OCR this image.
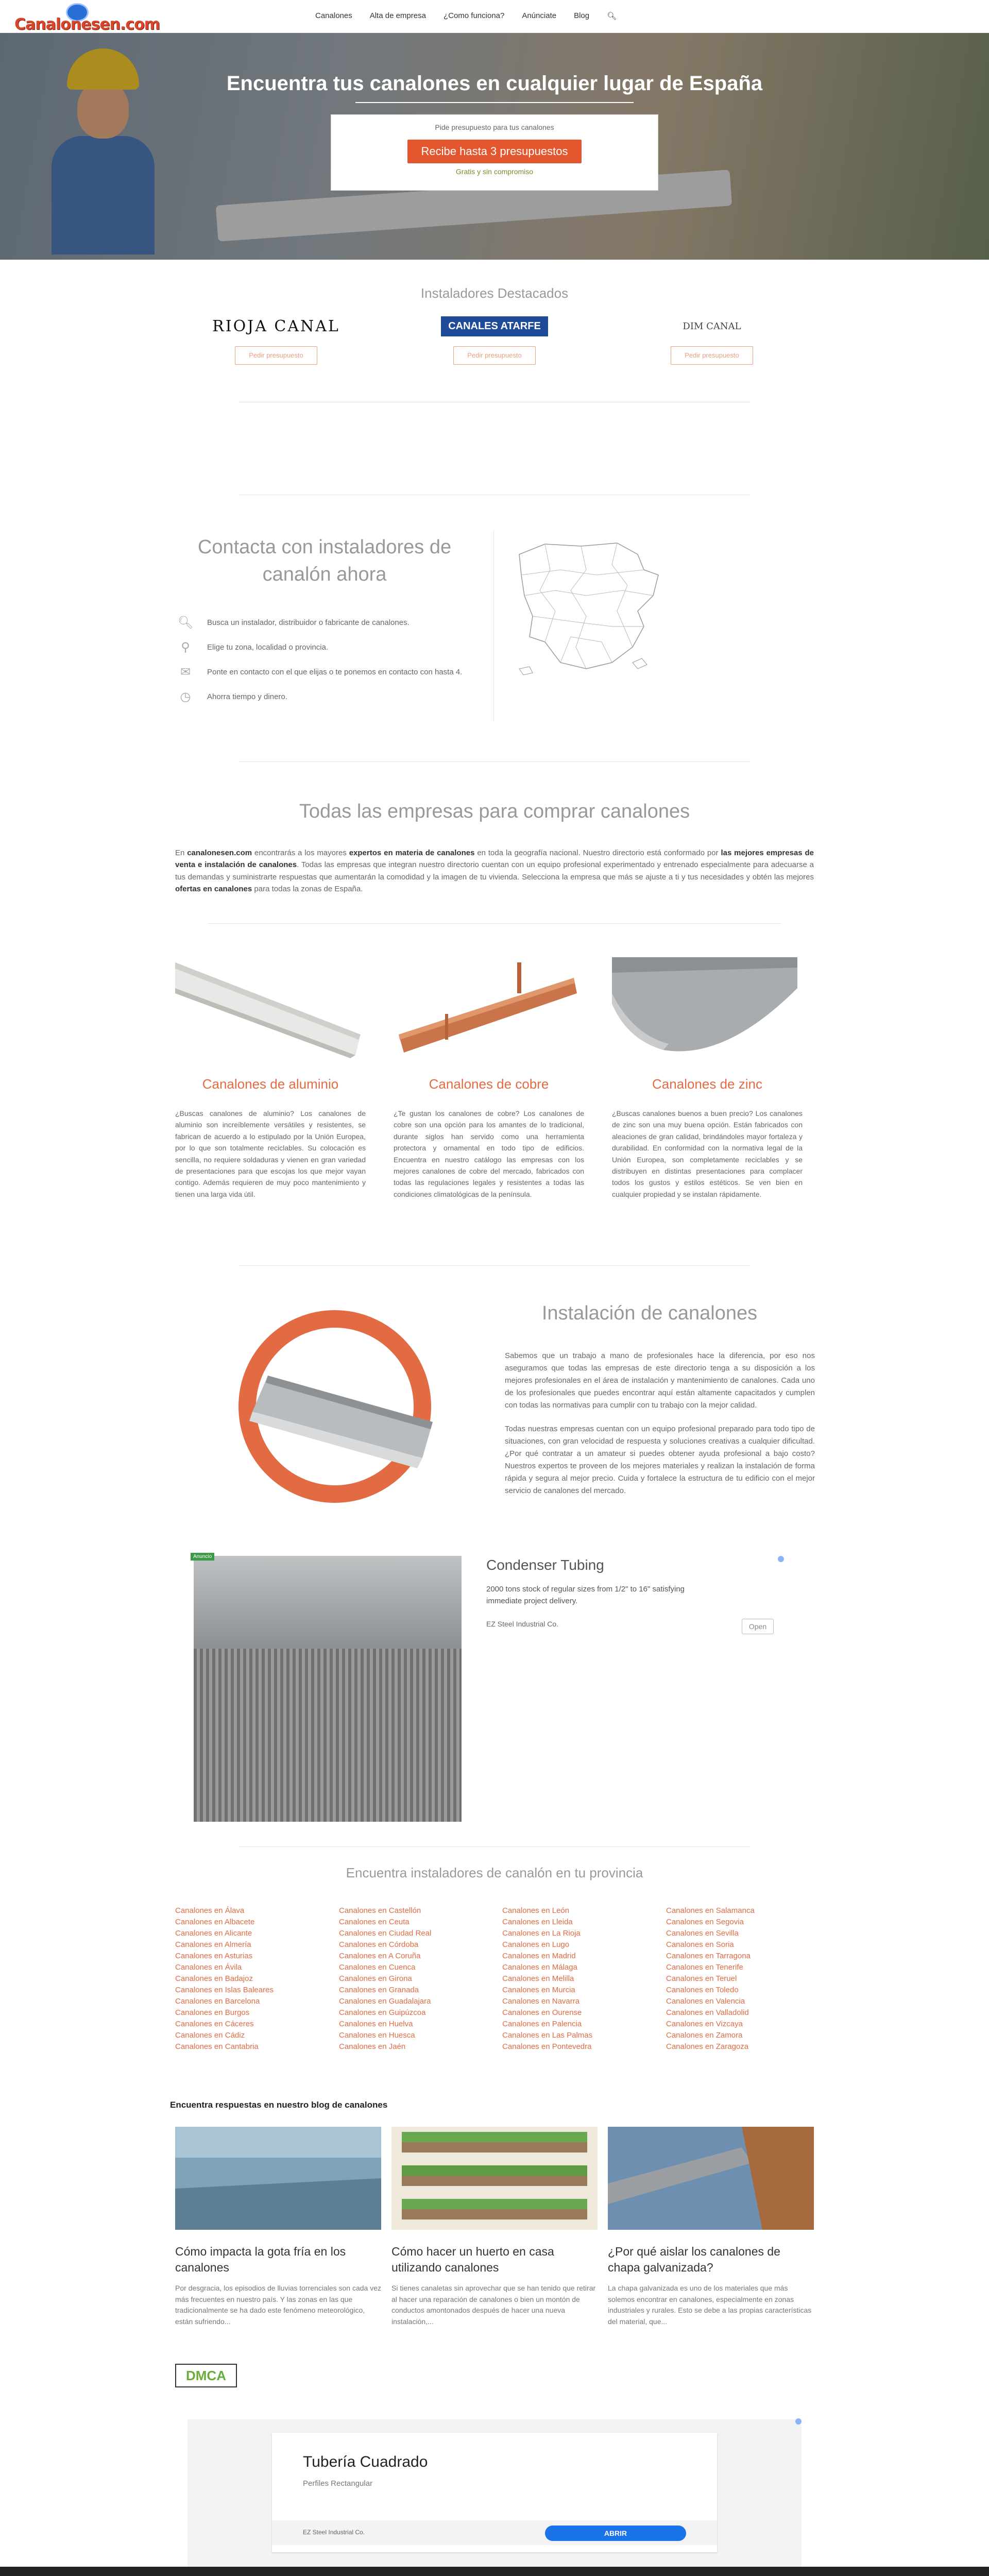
Canalonesen.com	Canalones Alta de empresa ¿Como funciona? Anúnciate Blog 🔍︎
Encuentra tus canalones en cualquier lugar de España
Pide presupuesto para tus canalones
Recibe hasta 3 presupuestos
Gratis y sin compromiso
Instaladores Destacados
RIOJA CANAL
Pedir presupuesto
CANALES ATARFE
Pedir presupuesto
DIM CANAL
Pedir presupuesto
Contacta con instaladores de canalón ahora
🔍︎	Busca un instalador, distribuidor o fabricante de canalones.
⚲	Elige tu zona, localidad o provincia.
✉	Ponte en contacto con el que elijas o te ponemos en contacto con hasta 4.
◷	Ahorra tiempo y dinero.
Todas las empresas para comprar canalones
En canalonesen.com encontrarás a los mayores expertos en materia de canalones en toda la geografía nacional. Nuestro directorio está conformado por las mejores empresas de venta e instalación de canalones. Todas las empresas que integran nuestro directorio cuentan con un equipo profesional experimentado y entrenado especialmente para adecuarse a tus demandas y suministrarte respuestas que aumentarán la comodidad y la imagen de tu vivienda. Selecciona la empresa que más se ajuste a ti y tus necesidades y obtén las mejores ofertas en canalones para todas la zonas de España.
Canalones de aluminio

¿Buscas canalones de aluminio? Los canalones de aluminio son increíblemente versátiles y resistentes, se fabrican de acuerdo a lo estipulado por la Unión Europea, por lo que son totalmente reciclables. Su colocación es sencilla, no requiere soldaduras y vienen en gran variedad de presentaciones para que escojas los que mejor vayan contigo. Además requieren de muy poco mantenimiento y tienen una larga vida útil.

Canalones de cobre

¿Te gustan los canalones de cobre? Los canalones de cobre son una opción para los amantes de lo tradicional, durante siglos han servido como una herramienta protectora y ornamental en todo tipo de edificios. Encuentra en nuestro catálogo las empresas con los mejores canalones de cobre del mercado, fabricados con todas las regulaciones legales y resistentes a todas las condiciones climatológicas de la península.

Canalones de zinc

¿Buscas canalones buenos a buen precio? Los canalones de zinc son una muy buena opción. Están fabricados con aleaciones de gran calidad, brindándoles mayor fortaleza y durabilidad. En conformidad con la normativa legal de la Unión Europea, son completamente reciclables y se distribuyen en distintas presentaciones para complacer todos los gustos y estilos estéticos. Se ven bien en cualquier propiedad y se instalan rápidamente.

Instalación de canalones

Sabemos que un trabajo a mano de profesionales hace la diferencia, por eso nos aseguramos que todas las empresas de este directorio tenga a su disposición a los mejores profesionales en el área de instalación y mantenimiento de canalones. Cada uno de los profesionales que puedes encontrar aquí están altamente capacitados y cumplen con todas las normativas para cumplir con tu trabajo con la mejor calidad.

Todas nuestras empresas cuentan con un equipo profesional preparado para todo tipo de situaciones, con gran velocidad de respuesta y soluciones creativas a cualquier dificultad. ¿Por qué contratar a un amateur si puedes obtener ayuda profesional a bajo costo? Nuestros expertos te proveen de los mejores materiales y realizan la instalación de forma rápida y segura al mejor precio. Cuida y fortalece la estructura de tu edificio con el mejor servicio de canalones del mercado.

Anuncio
Condenser Tubing
2000 tons stock of regular sizes from 1/2" to 16" satisfying immediate project delivery.
EZ Steel Industrial Co.	Open
Encuentra instaladores de canalón en tu provincia
Canalones en Álava
Canalones en Albacete
Canalones en Alicante
Canalones en Almería
Canalones en Asturias
Canalones en Ávila
Canalones en Badajoz
Canalones en Islas Baleares
Canalones en Barcelona
Canalones en Burgos
Canalones en Cáceres
Canalones en Cádiz
Canalones en Cantabria
Canalones en Castellón
Canalones en Ceuta
Canalones en Ciudad Real
Canalones en Córdoba
Canalones en A Coruña
Canalones en Cuenca
Canalones en Girona
Canalones en Granada
Canalones en Guadalajara
Canalones en Guipúzcoa
Canalones en Huelva
Canalones en Huesca
Canalones en Jaén
Canalones en León
Canalones en Lleida
Canalones en La Rioja
Canalones en Lugo
Canalones en Madrid
Canalones en Málaga
Canalones en Melilla
Canalones en Murcia
Canalones en Navarra
Canalones en Ourense
Canalones en Palencia
Canalones en Las Palmas
Canalones en Pontevedra
Canalones en Salamanca
Canalones en Segovia
Canalones en Sevilla
Canalones en Soria
Canalones en Tarragona
Canalones en Tenerife
Canalones en Teruel
Canalones en Toledo
Canalones en Valencia
Canalones en Valladolid
Canalones en Vizcaya
Canalones en Zamora
Canalones en Zaragoza
Encuentra respuestas en nuestro blog de canalones
Cómo impacta la gota fría en los canalones

Por desgracia, los episodios de lluvias torrenciales son cada vez más frecuentes en nuestro país. Y las zonas en las que tradicionalmente se ha dado este fenómeno meteorológico, están sufriendo...

Cómo hacer un huerto en casa utilizando canalones

Si tienes canaletas sin aprovechar que se han tenido que retirar al hacer una reparación de canalones o bien un montón de conductos amontonados después de hacer una nueva instalación,...

¿Por qué aislar los canalones de chapa galvanizada?

La chapa galvanizada es uno de los materiales que más solemos encontrar en canalones, especialmente en zonas industriales y rurales. Esto se debe a las propias características del material, que...

DMCA
Tubería Cuadrado
Perfiles Rectangular
EZ Steel Industrial Co.	ABRIR
